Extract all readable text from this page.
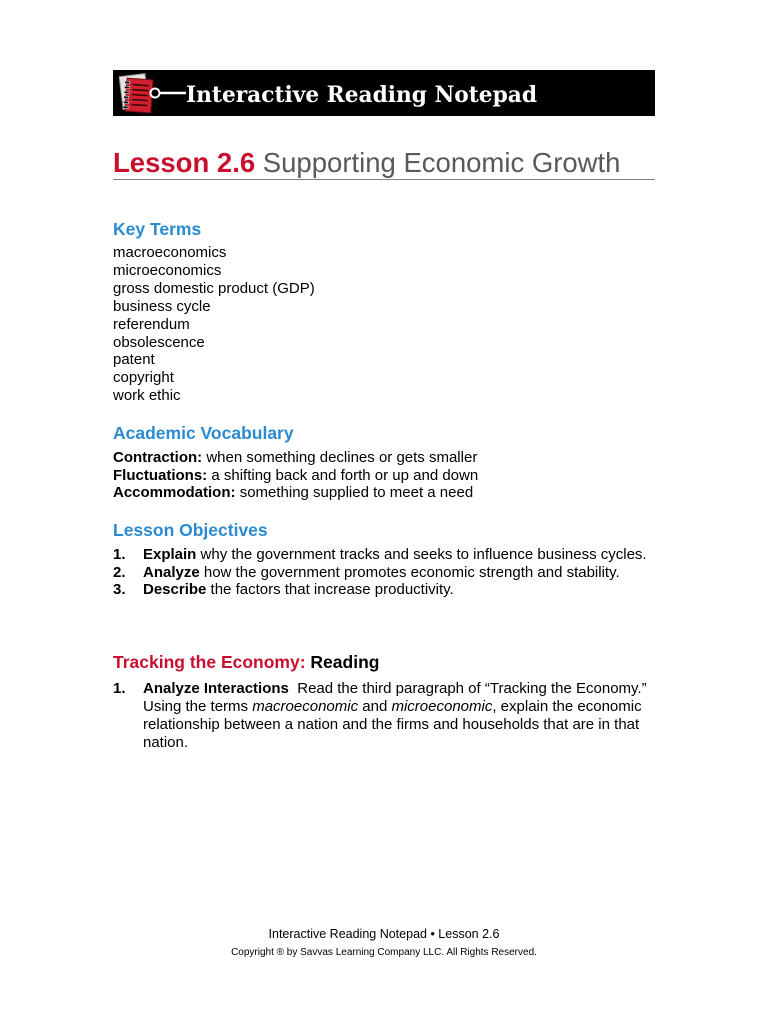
Interactive Reading Notepad
Lesson 2.6 Supporting Economic Growth
Key Terms
macroeconomics
microeconomics
gross domestic product (GDP)
business cycle
referendum
obsolescence
patent
copyright
work ethic
Academic Vocabulary
Contraction: when something declines or gets smaller
Fluctuations: a shifting back and forth or up and down
Accommodation: something supplied to meet a need
Lesson Objectives
1.	Explain why the government tracks and seeks to influence business cycles.
2.	Analyze how the government promotes economic strength and stability.
3.	Describe the factors that increase productivity.
Tracking the Economy: Reading
1.	Analyze Interactions Read the third paragraph of “Tracking the Economy.” Using the terms macroeconomic and microeconomic, explain the economic relationship between a nation and the firms and households that are in that nation.
Interactive Reading Notepad • Lesson 2.6
Copyright ® by Savvas Learning Company LLC. All Rights Reserved.
